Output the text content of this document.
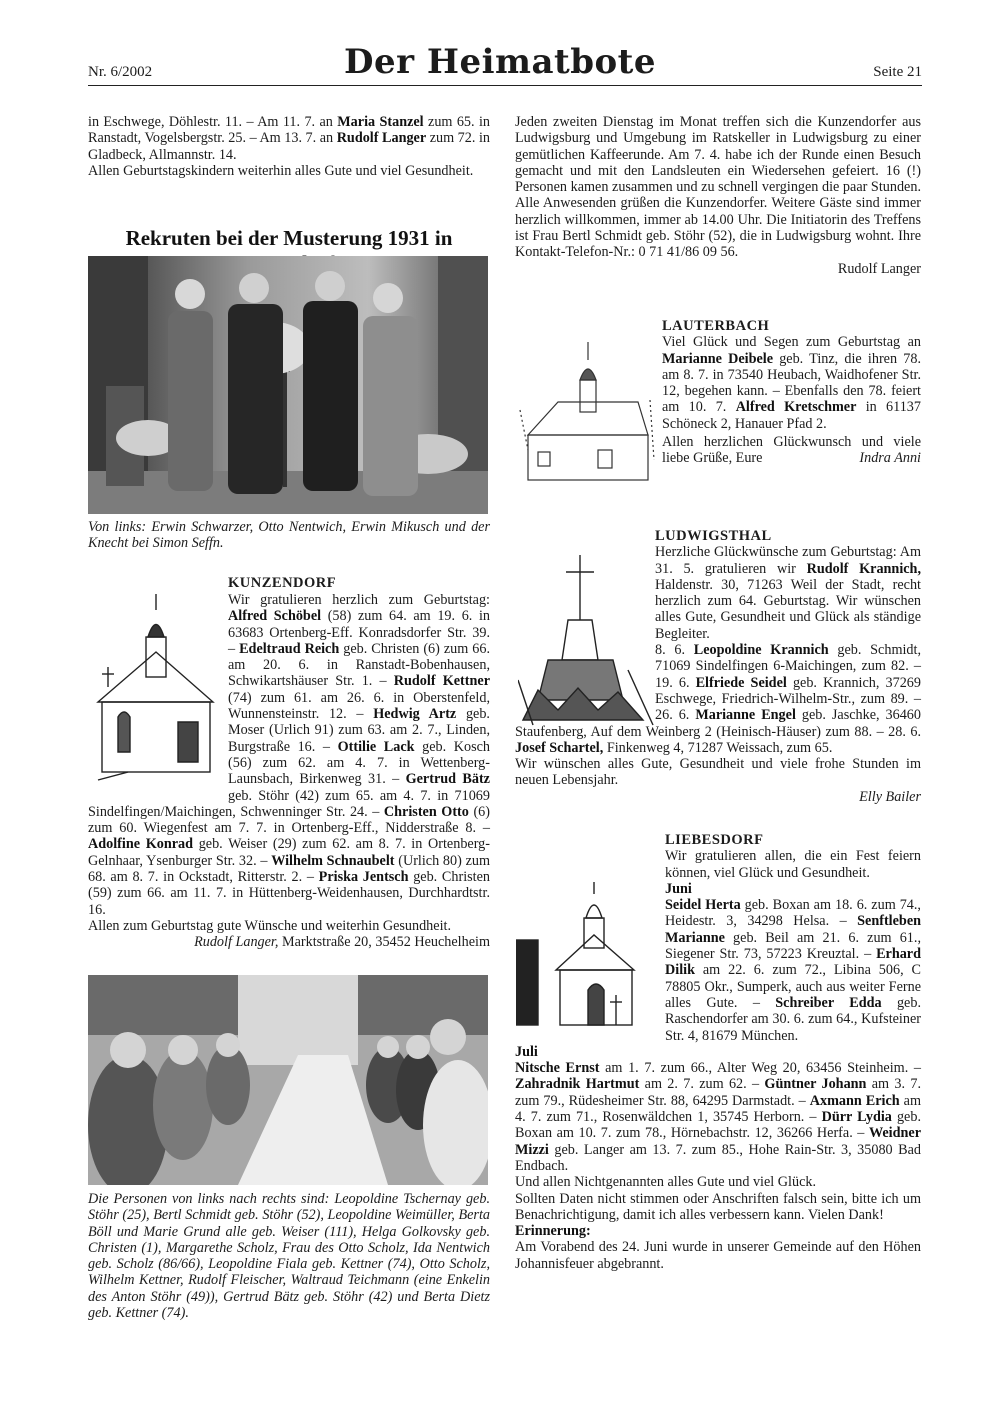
Nr. 6/2002	Der Heimatbote	Seite 21

in Eschwege, Döhlestr. 11. – Am 11. 7. an Maria Stanzel zum 65. in Ranstadt, Vogelsbergstr. 25. – Am 13. 7. an Rudolf Langer zum 72. in Gladbeck, Allmannstr. 14.

Allen Geburtstagskindern weiterhin alles Gute und viel Gesundheit.

Rekruten bei der Musterung 1931 in
Von links: Erwin Schwarzer, Otto Nentwich, Erwin Mikusch und der Knecht bei Simon Seffn.

KUNZENDORF

Wir gratulieren herzlich zum Geburtstag: Alfred Schöbel (58) zum 64. am 19. 6. in 63683 Ortenberg-Eff. Konradsdorfer Str. 39. – Edeltraud Reich geb. Christen (6) zum 66. am 20. 6. in Ranstadt-Bobenhausen, Schwikartshäuser Str. 1. – Rudolf Kettner (74) zum 61. am 26. 6. in Oberstenfeld, Wunnensteinstr. 12. – Hedwig Artz geb. Moser (Urlich 91) zum 63. am 2. 7., Linden, Burgstraße 16. – Ottilie Lack geb. Kosch (56) zum 62. am 4. 7. in Wettenberg-Launsbach, Birkenweg 31. – Gertrud Bätz geb. Stöhr (42) zum 65. am 4. 7. in 71069 Sindelfingen/Maichingen, Schwenninger Str. 24. – Christen Otto (6) zum 60. Wiegenfest am 7. 7. in Ortenberg-Eff., Nidderstraße 8. – Adolfine Konrad geb. Weiser (29) zum 62. am 8. 7. in Ortenberg-Gelnhaar, Ysenburger Str. 32. – Wilhelm Schnaubelt (Urlich 80) zum 68. am 8. 7. in Ockstadt, Ritterstr. 2. – Priska Jentsch geb. Christen (59) zum 66. am 11. 7. in Hüttenberg-Weidenhausen, Durchhardtstr. 16.

Allen zum Geburtstag gute Wünsche und weiterhin Gesundheit.

Rudolf Langer, Marktstraße 20, 35452 Heuchelheim

Die Personen von links nach rechts sind: Leopoldine Tschernay geb. Stöhr (25), Bertl Schmidt geb. Stöhr (52), Leopoldine Weimüller, Berta Böll und Marie Grund alle geb. Weiser (111), Helga Golkovsky geb. Christen (1), Margarethe Scholz, Frau des Otto Scholz, Ida Nentwich geb. Scholz (86/66), Leopoldine Fiala geb. Kettner (74), Otto Scholz, Wilhelm Kettner, Rudolf Fleischer, Waltraud Teichmann (eine Enkelin des Anton Stöhr (49)), Gertrud Bätz geb. Stöhr (42) und Berta Dietz geb. Kettner (74).

Jeden zweiten Dienstag im Monat treffen sich die Kunzendorfer aus Ludwigsburg und Umgebung im Ratskeller in Ludwigsburg zu einer gemütlichen Kaffeerunde. Am 7. 4. habe ich der Runde einen Besuch gemacht und mit den Landsleuten ein Wiedersehen gefeiert. 16 (!) Personen kamen zusammen und zu schnell vergingen die paar Stunden. Alle Anwesenden grüßen die Kunzendorfer. Weitere Gäste sind immer herzlich willkommen, immer ab 14.00 Uhr. Die Initiatorin des Treffens ist Frau Bertl Schmidt geb. Stöhr (52), die in Ludwigsburg wohnt. Ihre Kontakt-Telefon-Nr.: 0 71 41/86 09 56.

Rudolf Langer

LAUTERBACH

Viel Glück und Segen zum Geburtstag an Marianne Deibele geb. Tinz, die ihren 78. am 8. 7. in 73540 Heubach, Waidhofener Str. 12, begehen kann. – Ebenfalls den 78. feiert am 10. 7. Alfred Kretschmer in 61137 Schöneck 2, Hanauer Pfad 2.

Allen herzlichen Glückwunsch und viele liebe Grüße, Eure	Indra Anni

LUDWIGSTHAL

Herzliche Glückwünsche zum Geburtstag: Am 31. 5. gratulieren wir Rudolf Krannich, Haldenstr. 30, 71263 Weil der Stadt, recht herzlich zum 64. Geburtstag. Wir wünschen alles Gute, Gesundheit und Glück als ständige Begleiter.

8. 6. Leopoldine Krannich geb. Schmidt, 71069 Sindelfingen 6-Maichingen, zum 82. – 19. 6. Elfriede Seidel geb. Krannich, 37269 Eschwege, Friedrich-Wilhelm-Str., zum 89. – 26. 6. Marianne Engel geb. Jaschke, 36460 Staufenberg, Auf dem Weinberg 2 (Heinisch-Häuser) zum 88. – 28. 6. Josef Schartel, Finkenweg 4, 71287 Weissach, zum 65.

Wir wünschen alles Gute, Gesundheit und viele frohe Stunden im neuen Lebensjahr.

Elly Bailer

LIEBESDORF

Wir gratulieren allen, die ein Fest feiern können, viel Glück und Gesundheit.

Juni

Seidel Herta geb. Boxan am 18. 6. zum 74., Heidestr. 3, 34298 Helsa. – Senftleben Marianne geb. Beil am 21. 6. zum 61., Siegener Str. 73, 57223 Kreuztal. – Erhard Dilik am 22. 6. zum 72., Libina 506, C 78805 Okr., Sumperk, auch aus weiter Ferne alles Gute. – Schreiber Edda geb. Raschendorfer am 30. 6. zum 64., Kufsteiner Str. 4, 81679 München.

Juli

Nitsche Ernst am 1. 7. zum 66., Alter Weg 20, 63456 Steinheim. – Zahradnik Hartmut am 2. 7. zum 62. – Güntner Johann am 3. 7. zum 79., Rüdesheimer Str. 88, 64295 Darmstadt. – Axmann Erich am 4. 7. zum 71., Rosenwäldchen 1, 35745 Herborn. – Dürr Lydia geb. Boxan am 10. 7. zum 78., Hörnebachstr. 12, 36266 Herfa. – Weidner Mizzi geb. Langer am 13. 7. zum 85., Hohe Rain-Str. 3, 35080 Bad Endbach.

Und allen Nichtgenannten alles Gute und viel Glück.

Sollten Daten nicht stimmen oder Anschriften falsch sein, bitte ich um Benachrichtigung, damit ich alles verbessern kann. Vielen Dank!

Erinnerung:

Am Vorabend des 24. Juni wurde in unserer Gemeinde auf den Höhen Johannisfeuer abgebrannt.
